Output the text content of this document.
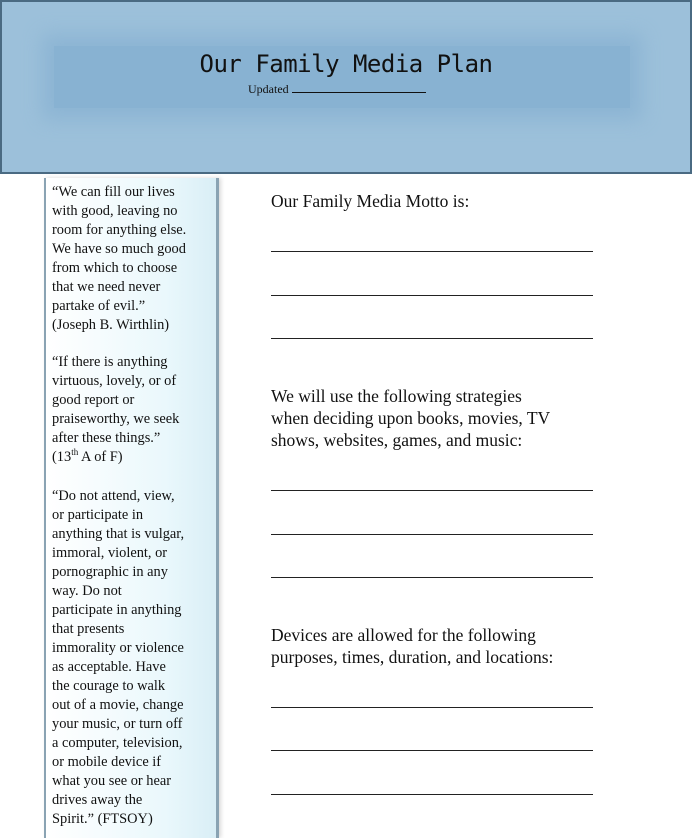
Our Family Media Plan
Updated
“We can fill our lives
with good, leaving no
room for anything else.
We have so much good
from which to choose
that we need never
partake of evil.”
(Joseph B. Wirthlin)
“If there is anything
virtuous, lovely, or of
good report or
praiseworthy, we seek
after these things.”
(13th A of F)
“Do not attend, view,
or participate in
anything that is vulgar,
immoral, violent, or
pornographic in any
way. Do not
participate in anything
that presents
immorality or violence
as acceptable. Have
the courage to walk
out of a movie, change
your music, or turn off
a computer, television,
or mobile device if
what you see or hear
drives away the
Spirit.” (FTSOY)
Our Family Media Motto is:
We will use the following strategies
when deciding upon books, movies, TV
shows, websites, games, and music:
Devices are allowed for the following
purposes, times, duration, and locations:
